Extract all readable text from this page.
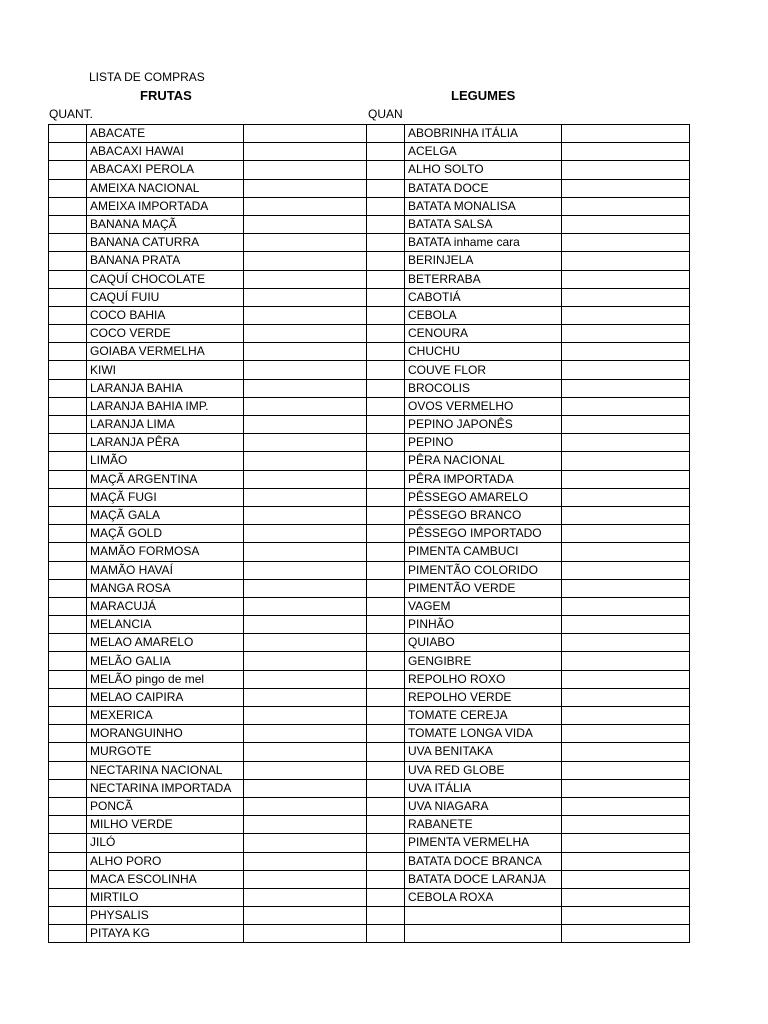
LISTA DE COMPRAS
FRUTAS	LEGUMES
QUANT.	QUAN
	ABACATE			ABOBRINHA ITÁLIA	
	ABACAXI HAWAI			ACELGA	
	ABACAXI PEROLA			ALHO SOLTO	
	AMEIXA NACIONAL			BATATA DOCE	
	AMEIXA IMPORTADA			BATATA MONALISA	
	BANANA MAÇÃ			BATATA SALSA	
	BANANA CATURRA			BATATA inhame cara	
	BANANA PRATA			BERINJELA	
	CAQUÍ CHOCOLATE			BETERRABA	
	CAQUÍ FUIU			CABOTIÁ	
	COCO BAHIA			CEBOLA	
	COCO VERDE			CENOURA	
	GOIABA VERMELHA			CHUCHU	
	KIWI			COUVE FLOR	
	LARANJA BAHIA			BROCOLIS	
	LARANJA BAHIA IMP.			OVOS VERMELHO	
	LARANJA LIMA			PEPINO JAPONÊS	
	LARANJA PÊRA			PEPINO	
	LIMÃO			PÊRA NACIONAL	
	MAÇÃ ARGENTINA			PÊRA IMPORTADA	
	MAÇÃ FUGI			PÊSSEGO AMARELO	
	MAÇÃ GALA			PÊSSEGO BRANCO	
	MAÇÃ GOLD			PÊSSEGO IMPORTADO	
	MAMÃO FORMOSA			PIMENTA CAMBUCI	
	MAMÃO HAVAÍ			PIMENTÃO COLORIDO	
	MANGA ROSA			PIMENTÃO VERDE	
	MARACUJÁ			VAGEM	
	MELANCIA			PINHÃO	
	MELAO AMARELO			QUIABO	
	MELÃO GALIA			GENGIBRE	
	MELÃO pingo de mel			REPOLHO ROXO	
	MELAO CAIPIRA			REPOLHO VERDE	
	MEXERICA			TOMATE CEREJA	
	MORANGUINHO			TOMATE LONGA VIDA	
	MURGOTE			UVA BENITAKA	
	NECTARINA NACIONAL			UVA RED GLOBE	
	NECTARINA IMPORTADA			UVA ITÁLIA	
	PONCÃ			UVA NIAGARA	
	MILHO VERDE			RABANETE	
	JILÓ			PIMENTA VERMELHA	
	ALHO PORO			BATATA DOCE BRANCA	
	MACA ESCOLINHA			BATATA DOCE LARANJA	
	MIRTILO			CEBOLA ROXA	
	PHYSALIS				
	PITAYA KG				
